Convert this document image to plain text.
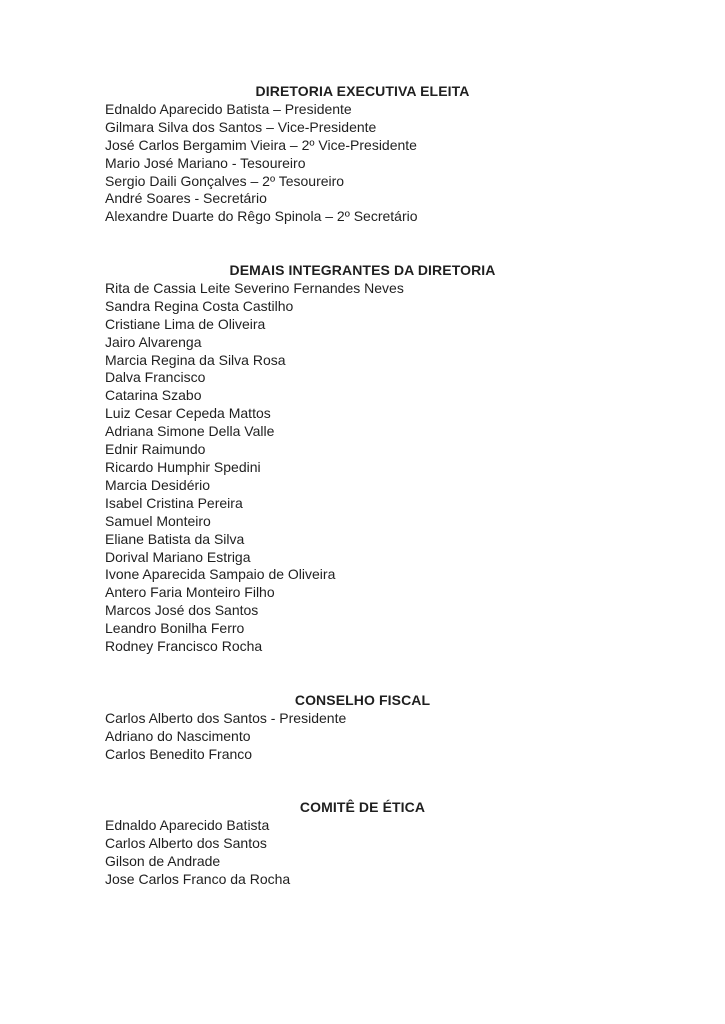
DIRETORIA EXECUTIVA ELEITA
Ednaldo Aparecido Batista – Presidente
Gilmara Silva dos Santos – Vice-Presidente
José Carlos Bergamim Vieira – 2º Vice-Presidente
Mario José Mariano - Tesoureiro
Sergio Daili Gonçalves – 2º Tesoureiro
André Soares - Secretário
Alexandre Duarte do Rêgo Spinola – 2º Secretário
DEMAIS INTEGRANTES DA DIRETORIA
Rita de Cassia Leite Severino Fernandes Neves
Sandra Regina Costa Castilho
Cristiane Lima de Oliveira
Jairo Alvarenga
Marcia Regina da Silva Rosa
Dalva Francisco
Catarina Szabo
Luiz Cesar Cepeda Mattos
Adriana Simone Della Valle
Ednir Raimundo
Ricardo Humphir Spedini
Marcia Desidério
Isabel Cristina Pereira
Samuel Monteiro
Eliane Batista da Silva
Dorival Mariano Estriga
Ivone Aparecida Sampaio de Oliveira
Antero Faria Monteiro Filho
Marcos José dos Santos
Leandro Bonilha Ferro
Rodney Francisco Rocha
CONSELHO FISCAL
Carlos Alberto dos Santos - Presidente
Adriano do Nascimento
Carlos Benedito Franco
COMITÊ DE ÉTICA
Ednaldo Aparecido Batista
Carlos Alberto dos Santos
Gilson de Andrade
Jose Carlos Franco da Rocha
